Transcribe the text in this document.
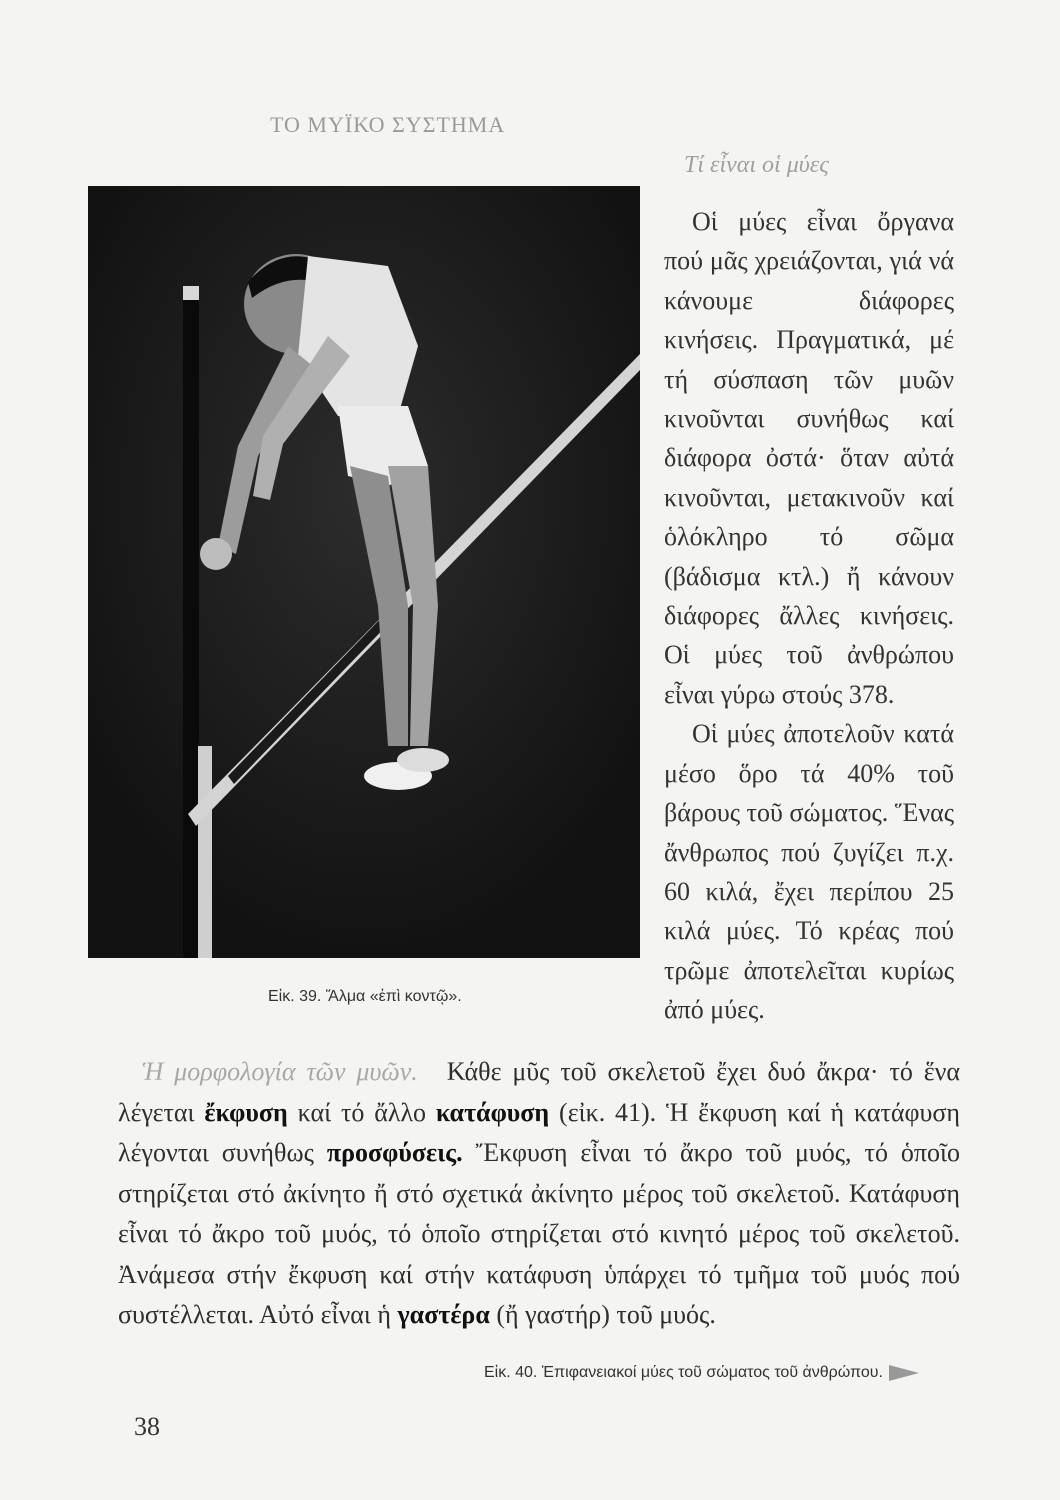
ΤΟ ΜΥΪΚΟ ΣΥΣΤΗΜΑ
Εἰκ. 39. Ἅλμα «ἐπὶ κοντῷ».
Τί εἶναι οἱ μύες

Οἱ μύες εἶναι ὄργανα πού μᾶς χρειάζονται, γιά νά κάνουμε διάφορες κινήσεις. Πραγματικά, μέ τή σύσπαση τῶν μυῶν κινοῦνται συνήθως καί διάφορα ὀστά· ὅταν αὐτά κινοῦνται, μετακινοῦν καί ὁλόκληρο τό σῶμα (βάδισμα κτλ.) ἤ κάνουν διάφορες ἄλλες κινήσεις. Οἱ μύες τοῦ ἀνθρώπου εἶναι γύρω στούς 378.

Οἱ μύες ἀποτελοῦν κατά μέσο ὅρο τά 40% τοῦ βάρους τοῦ σώματος. Ἕνας ἄνθρωπος πού ζυγίζει π.χ. 60 κιλά, ἔχει περίπου 25 κιλά μύες. Τό κρέας πού τρῶμε ἀποτελεῖται κυρίως ἀπό μύες.

Ἡ μορφολογία τῶν μυῶν. Κάθε μῦς τοῦ σκελετοῦ ἔχει δυό ἄκρα· τό ἕνα λέγεται ἔκφυση καί τό ἄλλο κατάφυση (εἰκ. 41). Ἡ ἔκφυση καί ἡ κατάφυση λέγονται συνήθως προσφύσεις. Ἔκφυση εἶναι τό ἄκρο τοῦ μυός, τό ὁποῖο στηρίζεται στό ἀκίνητο ἤ στό σχετικά ἀκίνητο μέρος τοῦ σκελετοῦ. Κατάφυση εἶναι τό ἄκρο τοῦ μυός, τό ὁποῖο στηρίζεται στό κινητό μέρος τοῦ σκελετοῦ. Ἀνάμεσα στήν ἔκφυση καί στήν κατάφυση ὑπάρχει τό τμῆμα τοῦ μυός πού συστέλλεται. Αὐτό εἶναι ἡ γαστέρα (ἤ γαστήρ) τοῦ μυός.
Εἰκ. 40. Ἐπιφανειακοί μύες τοῦ σώματος τοῦ ἀνθρώπου.
38
